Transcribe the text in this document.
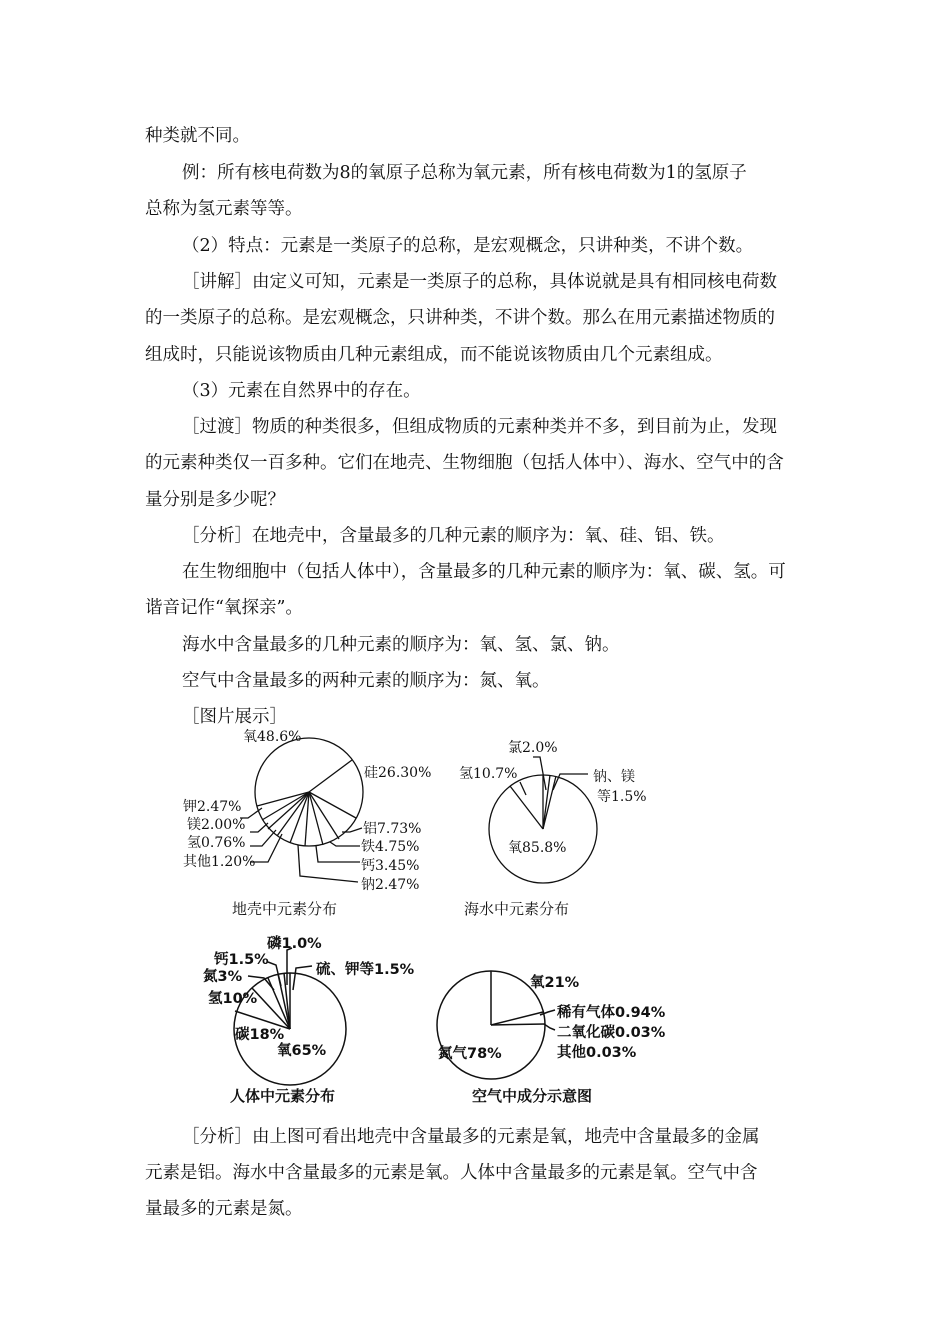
种类就不同。
例：所有核电荷数为8的氧原子总称为氧元素，所有核电荷数为1的氢原子
总称为氢元素等等。
（2）特点：元素是一类原子的总称，是宏观概念，只讲种类，不讲个数。
［讲解］由定义可知，元素是一类原子的总称，具体说就是具有相同核电荷数
的一类原子的总称。是宏观概念，只讲种类，不讲个数。那么在用元素描述物质的
组成时，只能说该物质由几种元素组成，而不能说该物质由几个元素组成。
（3）元素在自然界中的存在。
［过渡］物质的种类很多，但组成物质的元素种类并不多，到目前为止，发现
的元素种类仅一百多种。它们在地壳、生物细胞（包括人体中）、海水、空气中的含
量分别是多少呢？
［分析］在地壳中，含量最多的几种元素的顺序为：氧、硅、铝、铁。
在生物细胞中（包括人体中），含量最多的几种元素的顺序为：氧、碳、氢。可
谐音记作“氧探亲”。
海水中含量最多的几种元素的顺序为：氧、氢、氯、钠。
空气中含量最多的两种元素的顺序为：氮、氧。
［图片展示］
［分析］由上图可看出地壳中含量最多的元素是氧，地壳中含量最多的金属
元素是铝。海水中含量最多的元素是氧。人体中含量最多的元素是氧。空气中含
量最多的元素是氮。
氧48.6%
硅26.30%
铝7.73%
铁4.75%
钙3.45%
钠2.47%
钾2.47%
镁2.00%
氢0.76%
其他1.20%
地壳中元素分布
氧85.8%
氢10.7%
氯2.0%
钠、镁
等1.5%
海水中元素分布
氧65%
碳18%
氢10%
氮3%
钙1.5%
磷1.0%
硫、钾等1.5%
人体中元素分布
氮气78%
氧21%
稀有气体0.94%
二氧化碳0.03%
其他0.03%
空气中成分示意图
